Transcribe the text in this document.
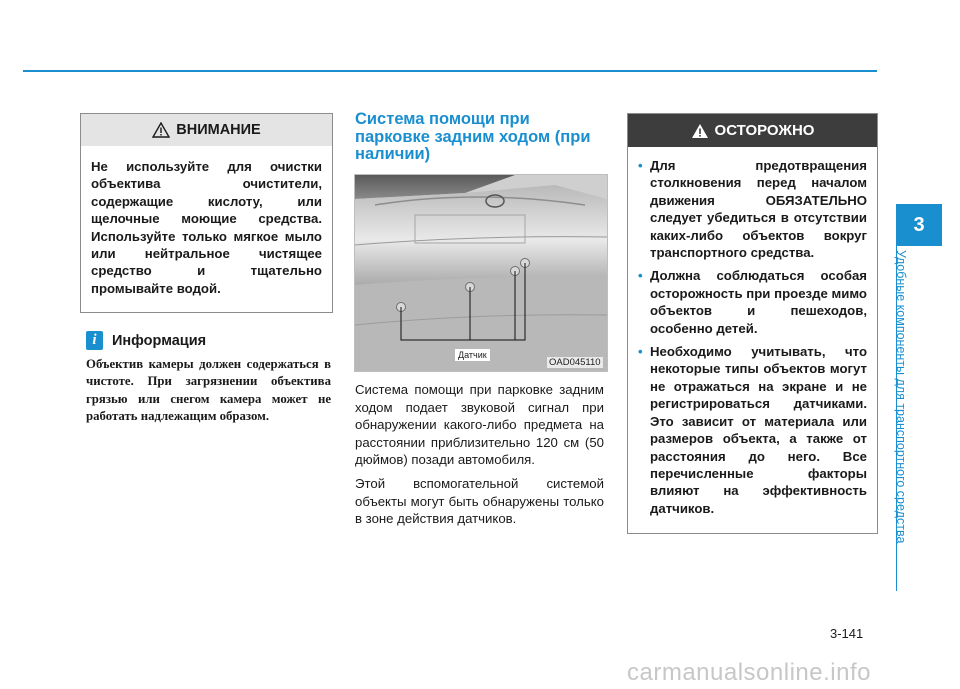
3
Удобные компоненты для транспортного средства
ВНИМАНИЕ
Не используйте для очистки объектива очистители, содержащие кислоту, или щелочные моющие средства. Используйте только мягкое мыло или нейтральное чистящее средство и тщательно промывайте водой.
i	Информация
Объектив камеры должен содержаться в чистоте. При загрязнении объектива грязью или снегом камера может не работать надлежащим образом.
Система помощи при парковке задним ходом (при наличии)
Датчик
OAD045110

Система помощи при парковке задним ходом подает звуковой сигнал при обнаружении какого-либо предмета на расстоянии приблизительно 120 см (50 дюймов) позади автомобиля.

Этой вспомогательной системой объекты могут быть обнаружены только в зоне действия датчиков.

ОСТОРОЖНО
• Для предотвращения столкновения перед началом движения ОБЯЗАТЕЛЬНО следует убедиться в отсутствии каких-либо объектов вокруг транспортного средства.
• Должна соблюдаться особая осторожность при проезде мимо объектов и пешеходов, особенно детей.
• Необходимо учитывать, что некоторые типы объектов могут не отражаться на экране и не регистрироваться датчиками. Это зависит от материала или размеров объекта, а также от расстояния до него. Все перечисленные факторы влияют на эффективность датчиков.
3-141
carmanualsonline.info
